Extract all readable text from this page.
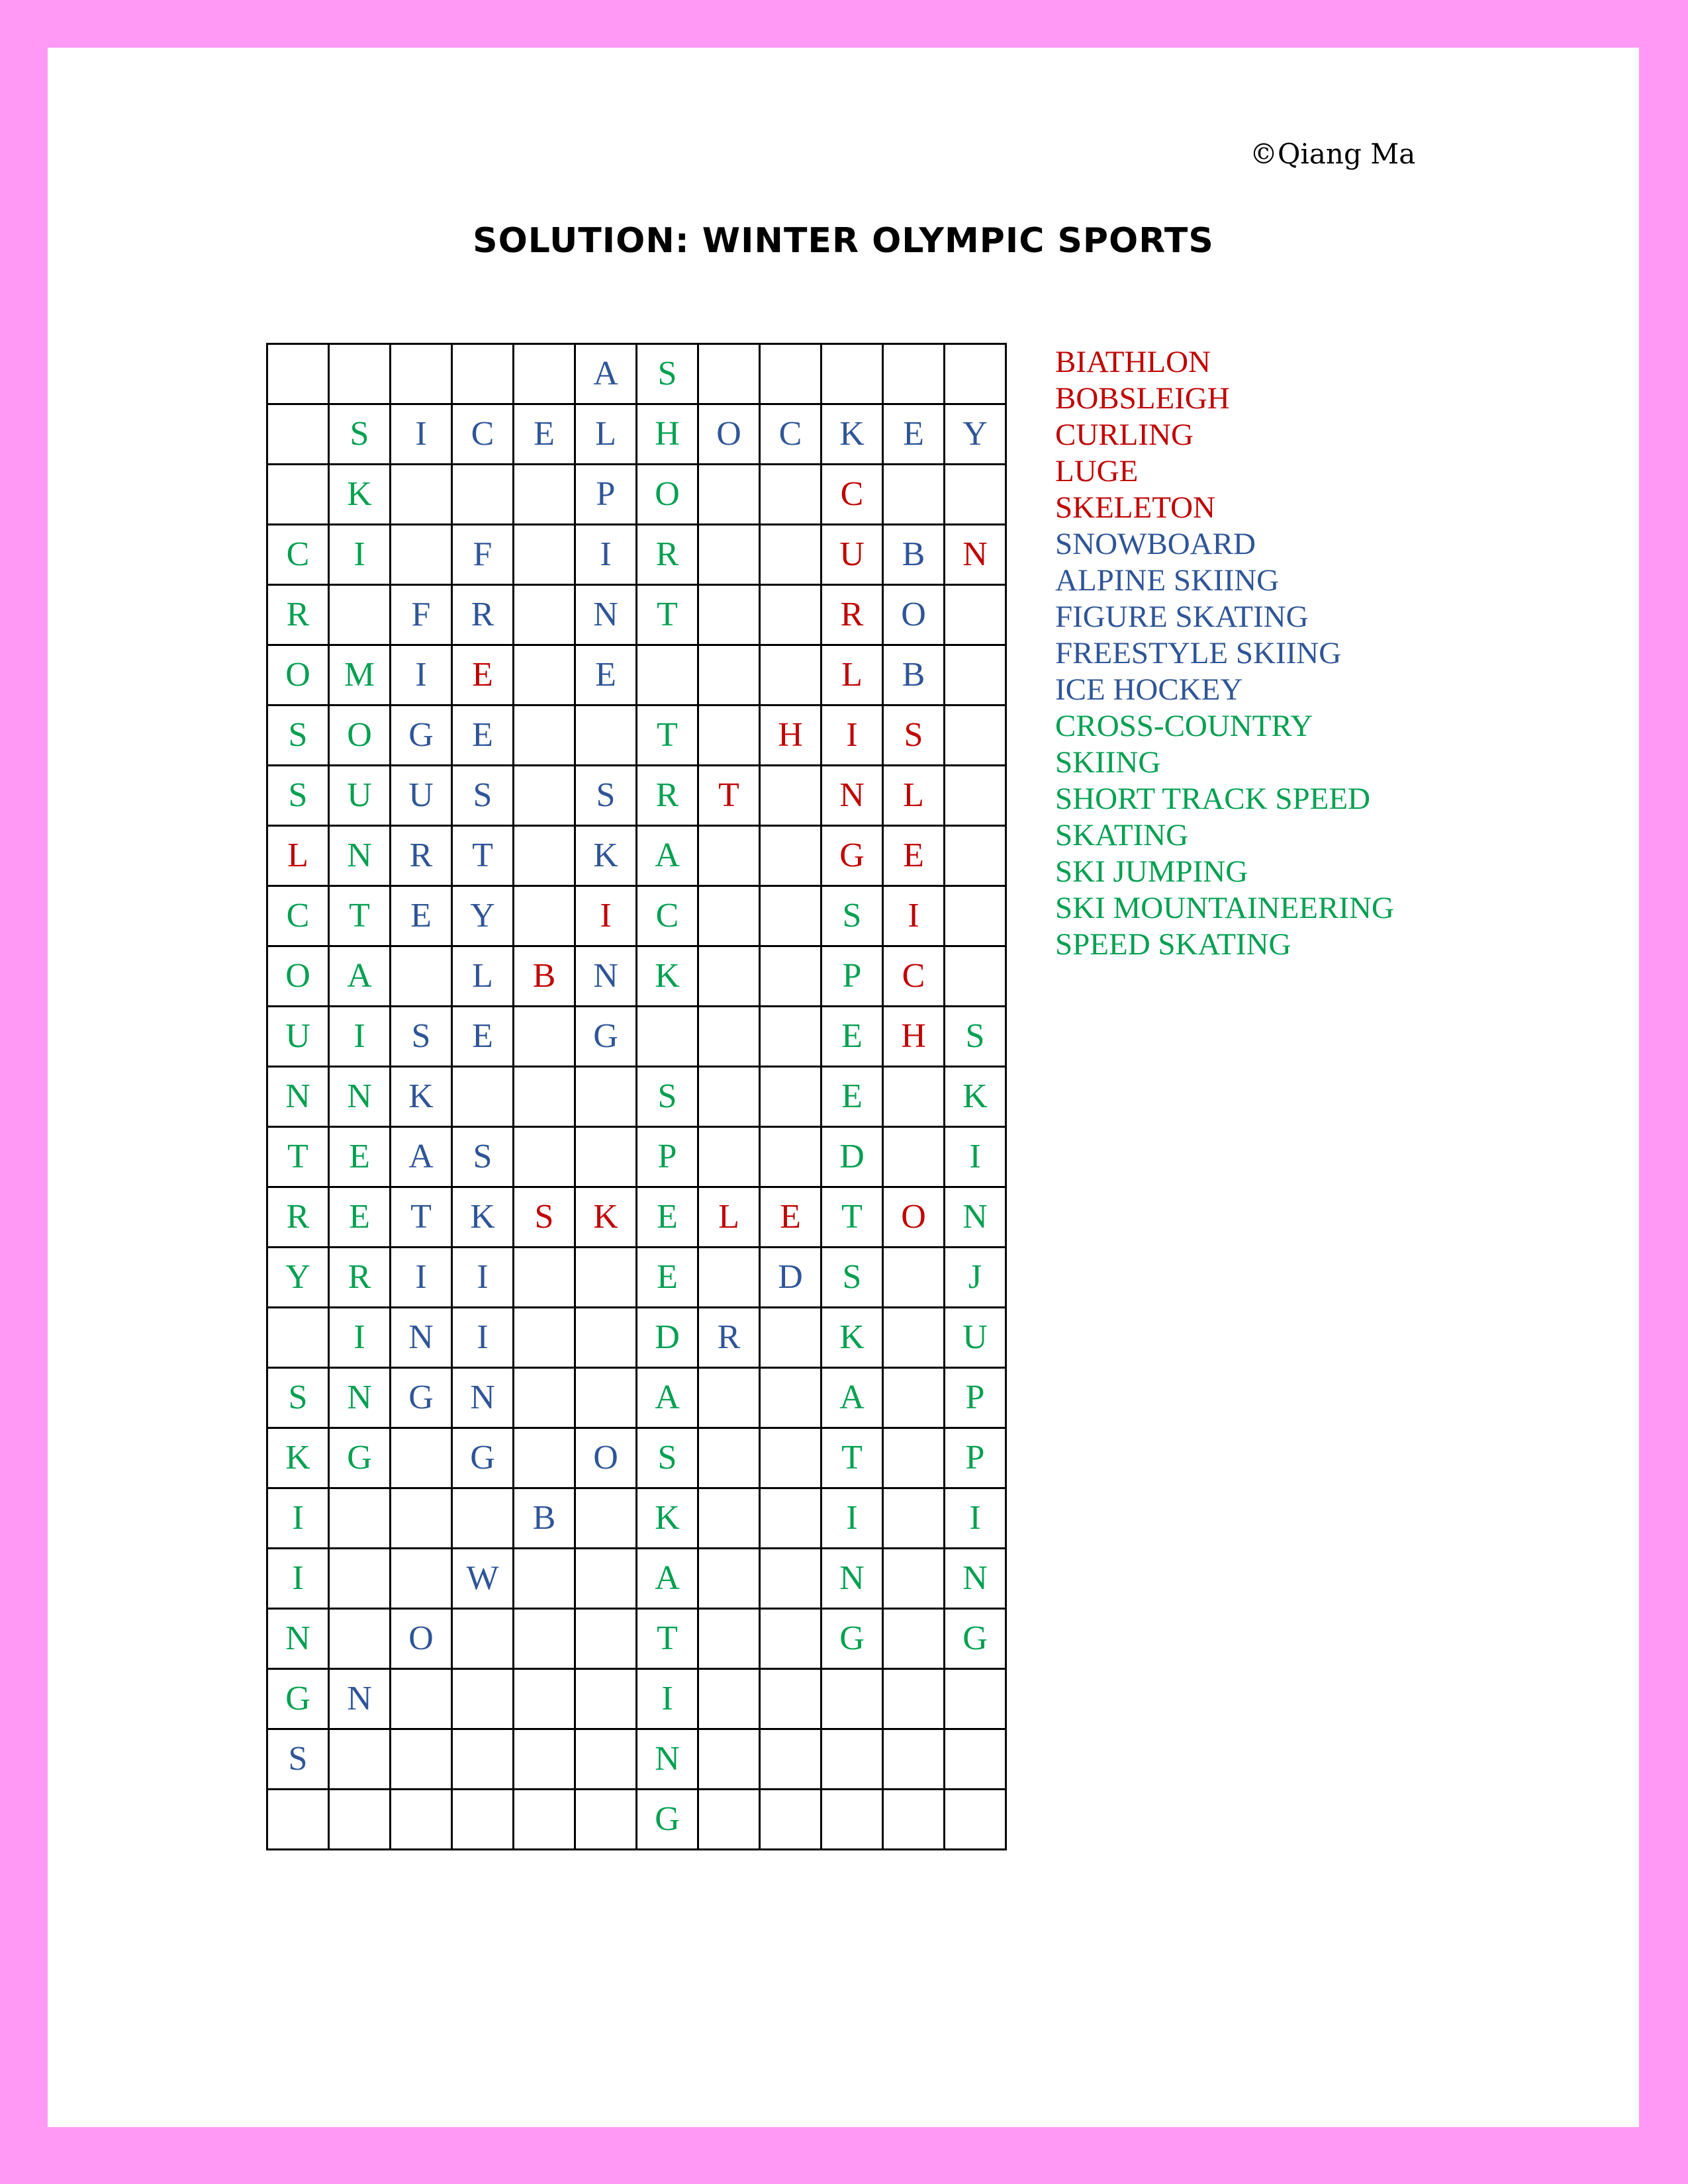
©Qiang Ma
SOLUTION: WINTER OLYMPIC SPORTS
					A	S					
	S	I	C	E	L	H	O	C	K	E	Y
	K				P	O			C		
C	I		F		I	R			U	B	N
R		F	R		N	T			R	O	
O	M	I	E		E				L	B	
S	O	G	E			T		H	I	S	
S	U	U	S		S	R	T		N	L	
L	N	R	T		K	A			G	E	
C	T	E	Y		I	C			S	I	
O	A		L	B	N	K			P	C	
U	I	S	E		G				E	H	S
N	N	K				S			E		K
T	E	A	S			P			D		I
R	E	T	K	S	K	E	L	E	T	O	N
Y	R	I	I			E		D	S		J
	I	N	I			D	R		K		U
S	N	G	N			A			A		P
K	G		G		O	S			T		P
I				B		K			I		I
I			W			A			N		N
N		O				T			G		G
G	N					I					
S						N					
						G					
BIATHLON
BOBSLEIGH
CURLING
LUGE
SKELETON
SNOWBOARD
ALPINE SKIING
FIGURE SKATING
FREESTYLE SKIING
ICE HOCKEY
CROSS-COUNTRY
SKIING
SHORT TRACK SPEED
SKATING
SKI JUMPING
SKI MOUNTAINEERING
SPEED SKATING
